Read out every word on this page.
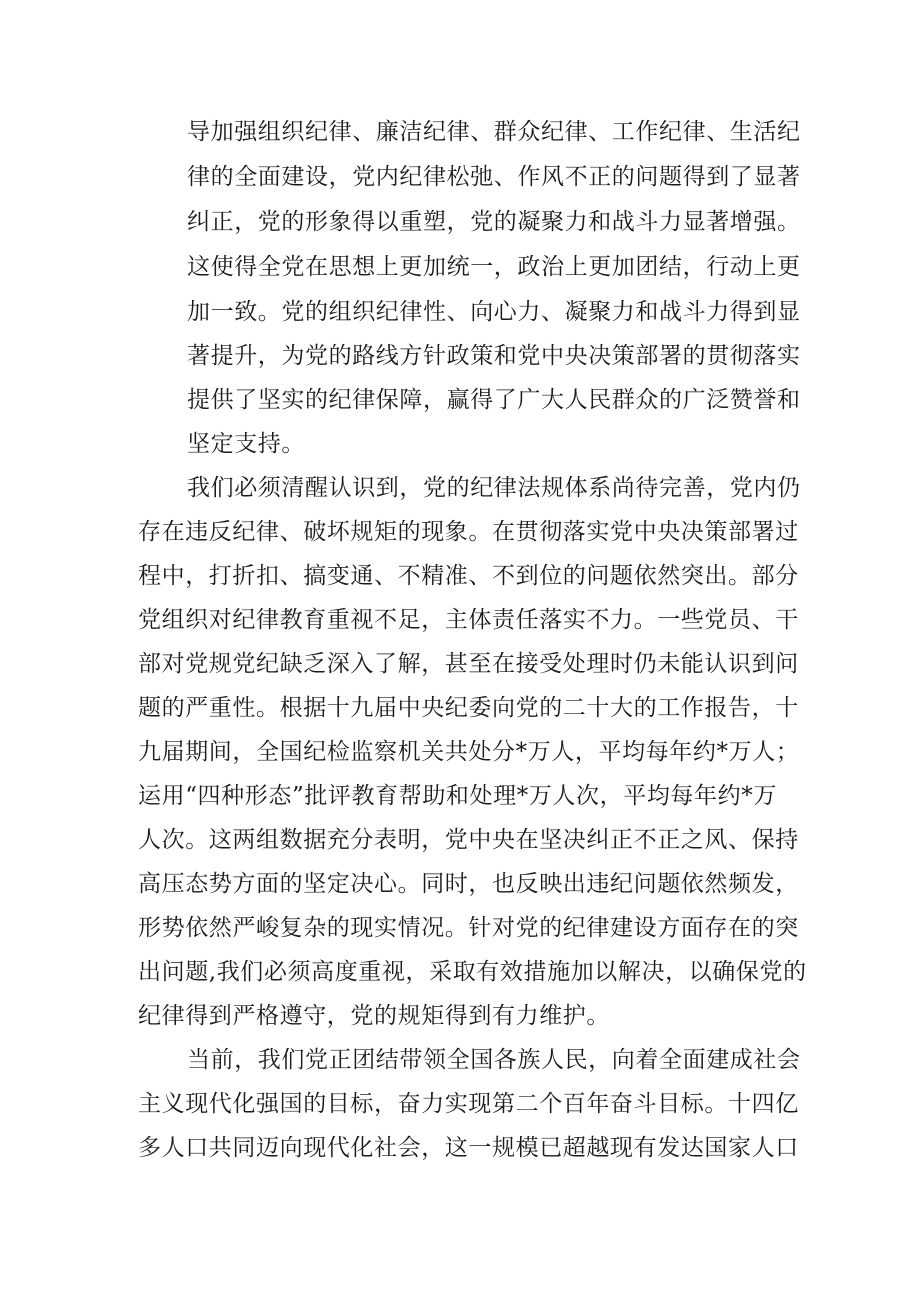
导加强组织纪律、廉洁纪律、群众纪律、工作纪律、生活纪
律的全面建设，党内纪律松弛、作风不正的问题得到了显著
纠正，党的形象得以重塑，党的凝聚力和战斗力显著增强。
这使得全党在思想上更加统一，政治上更加团结，行动上更
加一致。党的组织纪律性、向心力、凝聚力和战斗力得到显
著提升，为党的路线方针政策和党中央决策部署的贯彻落实
提供了坚实的纪律保障，赢得了广大人民群众的广泛赞誉和
坚定支持。
我们必须清醒认识到，党的纪律法规体系尚待完善，党内仍
存在违反纪律、破坏规矩的现象。在贯彻落实党中央决策部署过
程中，打折扣、搞变通、不精准、不到位的问题依然突出。部分
党组织对纪律教育重视不足，主体责任落实不力。一些党员、干
部对党规党纪缺乏深入了解，甚至在接受处理时仍未能认识到问
题的严重性。根据十九届中央纪委向党的二十大的工作报告，十
九届期间，全国纪检监察机关共处分*万人，平均每年约*万人；
运用“四种形态”批评教育帮助和处理*万人次，平均每年约*万
人次。这两组数据充分表明，党中央在坚决纠正不正之风、保持
高压态势方面的坚定决心。同时，也反映出违纪问题依然频发，
形势依然严峻复杂的现实情况。针对党的纪律建设方面存在的突
出问题,我们必须高度重视，采取有效措施加以解决，以确保党的
纪律得到严格遵守，党的规矩得到有力维护。
当前，我们党正团结带领全国各族人民，向着全面建成社会
主义现代化强国的目标，奋力实现第二个百年奋斗目标。十四亿
多人口共同迈向现代化社会，这一规模已超越现有发达国家人口
